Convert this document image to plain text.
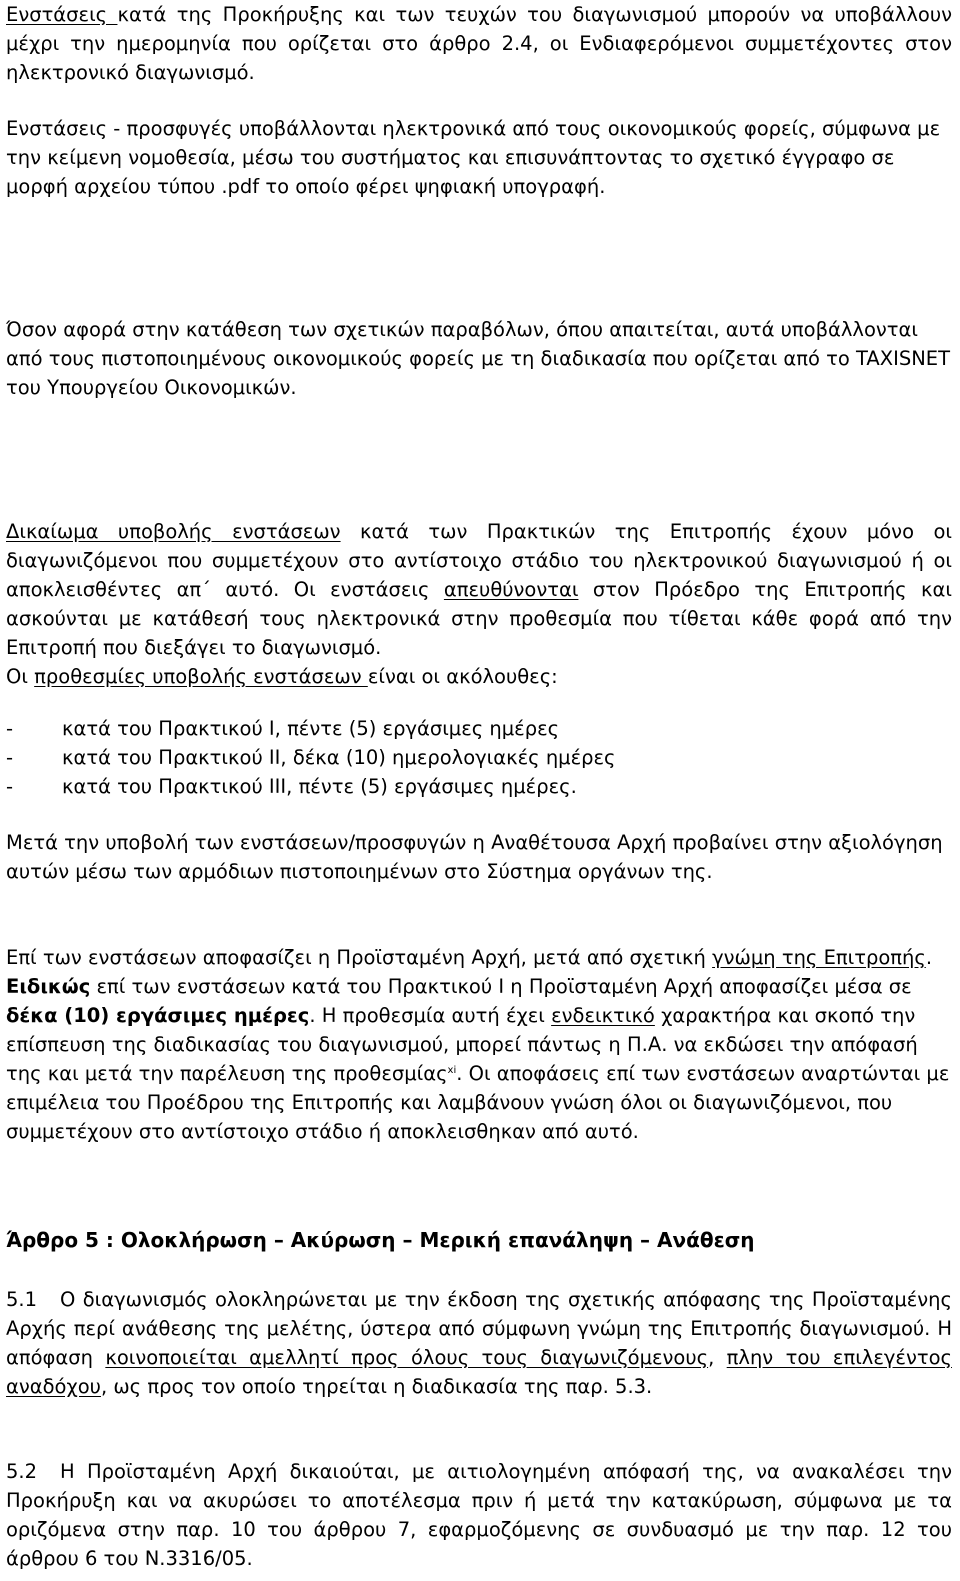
Ενστάσεις κατά της Προκήρυξης και των τευχών του διαγωνισμού μπορούν να υποβάλλουν μέχρι την ημερομηνία που ορίζεται στο άρθρο 2.4, οι Ενδιαφερόμενοι συμμετέχοντες στον ηλεκτρονικό διαγωνισμό.

Ενστάσεις - προσφυγές υποβάλλονται ηλεκτρονικά από τους οικονομικούς φορείς, σύμφωνα με την κείμενη νομοθεσία, μέσω του συστήματος και επισυνάπτοντας το σχετικό έγγραφο σε μορφή αρχείου τύπου .pdf το οποίο φέρει ψηφιακή υπογραφή.

Όσον αφορά στην κατάθεση των σχετικών παραβόλων, όπου απαιτείται, αυτά υποβάλλονται από τους πιστοποιημένους οικονομικούς φορείς με τη διαδικασία που ορίζεται από το TAXISNET του Υπουργείου Οικονομικών.

Δικαίωμα υποβολής ενστάσεων κατά των Πρακτικών της Επιτροπής έχουν μόνο οι διαγωνιζόμενοι που συμμετέχουν στο αντίστοιχο στάδιο του ηλεκτρονικού διαγωνισμού ή οι αποκλεισθέντες απ΄ αυτό. Οι ενστάσεις απευθύνονται στον Πρόεδρο της Επιτροπής και ασκούνται με κατάθεσή τους ηλεκτρονικά στην προθεσμία που τίθεται κάθε φορά από την Επιτροπή που διεξάγει το διαγωνισμό.
Οι προθεσμίες υποβολής ενστάσεων είναι οι ακόλουθες:

-	κατά του Πρακτικού Ι, πέντε (5) εργάσιμες ημέρες
-	κατά του Πρακτικού ΙΙ, δέκα (10) ημερολογιακές ημέρες
-	κατά του Πρακτικού ΙΙΙ, πέντε (5) εργάσιμες ημέρες.

Μετά την υποβολή των ενστάσεων/προσφυγών η Αναθέτουσα Αρχή προβαίνει στην αξιολόγηση αυτών μέσω των αρμόδιων πιστοποιημένων στο Σύστημα οργάνων της.

Επί των ενστάσεων αποφασίζει η Προϊσταμένη Αρχή, μετά από σχετική γνώμη της Επιτροπής. Ειδικώς επί των ενστάσεων κατά του Πρακτικού Ι η Προϊσταμένη Αρχή αποφασίζει μέσα σε δέκα (10) εργάσιμες ημέρες. Η προθεσμία αυτή έχει ενδεικτικό χαρακτήρα και σκοπό την επίσπευση της διαδικασίας του διαγωνισμού, μπορεί πάντως η Π.Α. να εκδώσει την απόφασή της και μετά την παρέλευση της προθεσμίας$^{xi}$. Οι αποφάσεις επί των ενστάσεων αναρτώνται με επιμέλεια του Προέδρου της Επιτροπής και λαμβάνουν γνώση όλοι οι διαγωνιζόμενοι, που συμμετέχουν στο αντίστοιχο στάδιο ή αποκλεισθηκαν από αυτό.

Άρθρο 5 : Ολοκλήρωση – Ακύρωση – Μερική επανάληψη – Ανάθεση

5.1 Ο διαγωνισμός ολοκληρώνεται με την έκδοση της σχετικής απόφασης της Προϊσταμένης Αρχής περί ανάθεσης της μελέτης, ύστερα από σύμφωνη γνώμη της Επιτροπής διαγωνισμού. Η απόφαση κοινοποιείται αμελλητί προς όλους τους διαγωνιζόμενους, πλην του επιλεγέντος αναδόχου, ως προς τον οποίο τηρείται η διαδικασία της παρ. 5.3.

5.2 Η Προϊσταμένη Αρχή δικαιούται, με αιτιολογημένη απόφασή της, να ανακαλέσει την Προκήρυξη και να ακυρώσει το αποτέλεσμα πριν ή μετά την κατακύρωση, σύμφωνα με τα οριζόμενα στην παρ. 10 του άρθρου 7, εφαρμοζόμενης σε συνδυασμό με την παρ. 12 του άρθρου 6 του Ν.3316/05.
